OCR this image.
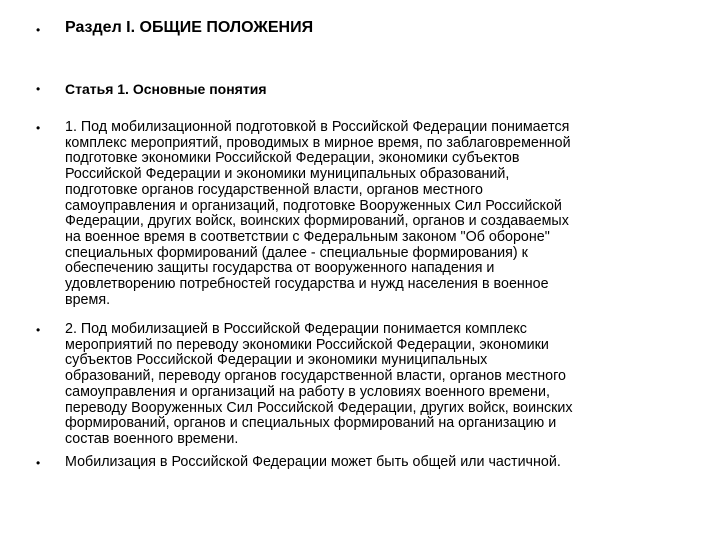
• Раздел I. ОБЩИЕ ПОЛОЖЕНИЯ
• Статья 1. Основные понятия
• 1. Под мобилизационной подготовкой в Российской Федерации понимается
комплекс мероприятий, проводимых в мирное время, по заблаговременной
подготовке экономики Российской Федерации, экономики субъектов
Российской Федерации и экономики муниципальных образований,
подготовке органов государственной власти, органов местного
самоуправления и организаций, подготовке Вооруженных Сил Российской
Федерации, других войск, воинских формирований, органов и создаваемых
на военное время в соответствии с Федеральным законом "Об обороне"
специальных формирований (далее - специальные формирования) к
обеспечению защиты государства от вооруженного нападения и
удовлетворению потребностей государства и нужд населения в военное
время.
• 2. Под мобилизацией в Российской Федерации понимается комплекс
мероприятий по переводу экономики Российской Федерации, экономики
субъектов Российской Федерации и экономики муниципальных
образований, переводу органов государственной власти, органов местного
самоуправления и организаций на работу в условиях военного времени,
переводу Вооруженных Сил Российской Федерации, других войск, воинских
формирований, органов и специальных формирований на организацию и
состав военного времени.
• Мобилизация в Российской Федерации может быть общей или частичной.
